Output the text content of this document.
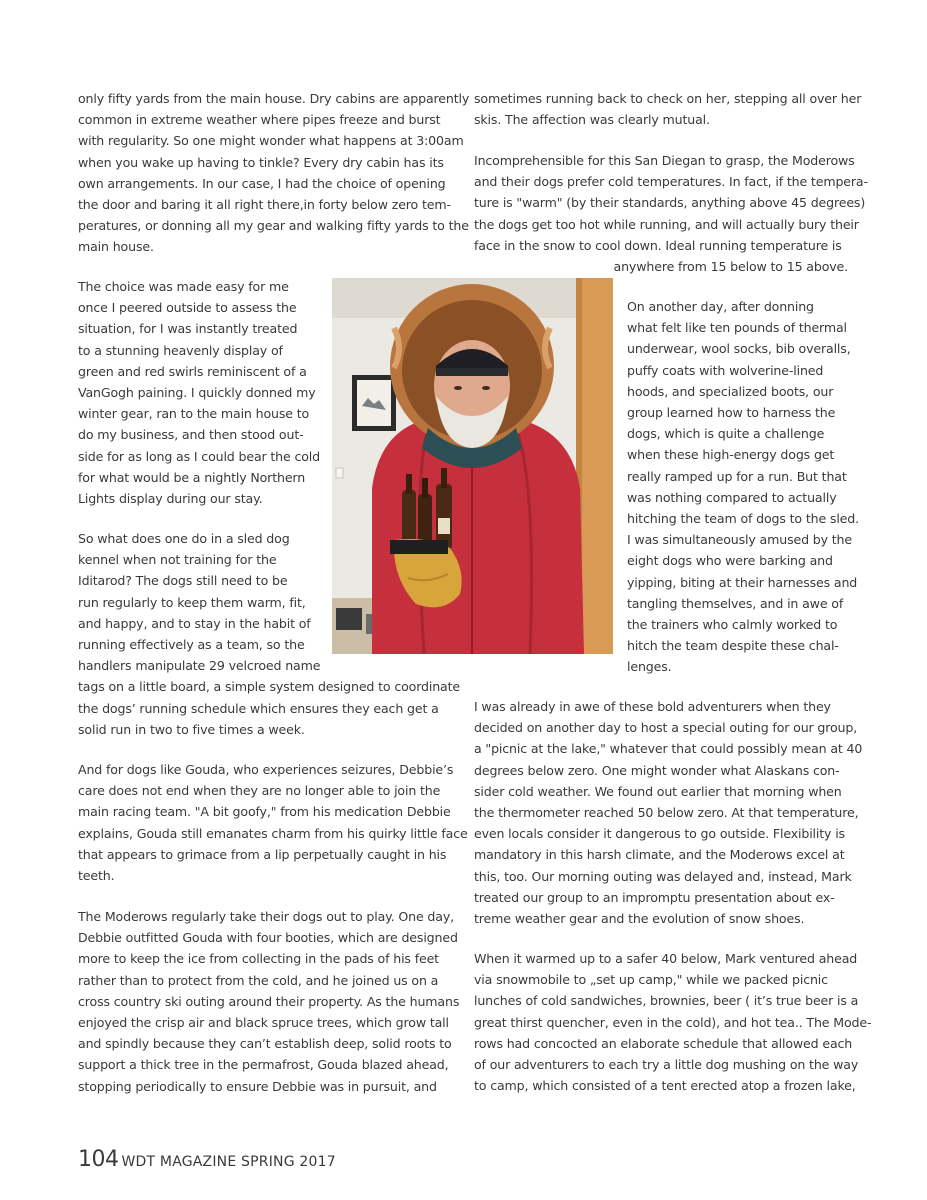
only fifty yards from the main house. Dry cabins are apparently
common in extreme weather where pipes freeze and burst
with regularity. So one might wonder what happens at 3:00am
when you wake up having to tinkle? Every dry cabin has its
own arrangements. In our case, I had the choice of opening
the door and baring it all right there,in forty below zero tem-
peratures, or donning all my gear and walking fifty yards to the
main house.
The choice was made easy for me
once I peered outside to assess the
situation, for I was instantly treated
to a stunning heavenly display of
green and red swirls reminiscent of a
VanGogh paining. I quickly donned my
winter gear, ran to the main house to
do my business, and then stood out-
side for as long as I could bear the cold
for what would be a nightly Northern
Lights display during our stay.
So what does one do in a sled dog
kennel when not training for the
Iditarod? The dogs still need to be
run regularly to keep them warm, fit,
and happy, and to stay in the habit of
running effectively as a team, so the
handlers manipulate 29 velcroed name
tags on a little board, a simple system designed to coordinate
the dogs’ running schedule which ensures they each get a
solid run in two to five times a week.
And for dogs like Gouda, who experiences seizures, Debbie’s
care does not end when they are no longer able to join the
main racing team. "A bit goofy," from his medication Debbie
explains, Gouda still emanates charm from his quirky little face
that appears to grimace from a lip perpetually caught in his
teeth.
The Moderows regularly take their dogs out to play. One day,
Debbie outfitted Gouda with four booties, which are designed
more to keep the ice from collecting in the pads of his feet
rather than to protect from the cold, and he joined us on a
cross country ski outing around their property. As the humans
enjoyed the crisp air and black spruce trees, which grow tall
and spindly because they can’t establish deep, solid roots to
support a thick tree in the permafrost, Gouda blazed ahead,
stopping periodically to ensure Debbie was in pursuit, and
sometimes running back to check on her, stepping all over her
skis. The affection was clearly mutual.
Incomprehensible for this San Diegan to grasp, the Moderows
and their dogs prefer cold temperatures. In fact, if the tempera-
ture is "warm" (by their standards, anything above 45 degrees)
the dogs get too hot while running, and will actually bury their
face in the snow to cool down. Ideal running temperature is
anywhere from 15 below to 15 above.
On another day, after donning
what felt like ten pounds of thermal
underwear, wool socks, bib overalls,
puffy coats with wolverine-lined
hoods, and specialized boots, our
group learned how to harness the
dogs, which is quite a challenge
when these high-energy dogs get
really ramped up for a run. But that
was nothing compared to actually
hitching the team of dogs to the sled.
I was simultaneously amused by the
eight dogs who were barking and
yipping, biting at their harnesses and
tangling themselves, and in awe of
the trainers who calmly worked to
hitch the team despite these chal-
lenges.
I was already in awe of these bold adventurers when they
decided on another day to host a special outing for our group,
a "picnic at the lake," whatever that could possibly mean at 40
degrees below zero. One might wonder what Alaskans con-
sider cold weather. We found out earlier that morning when
the thermometer reached 50 below zero. At that temperature,
even locals consider it dangerous to go outside. Flexibility is
mandatory in this harsh climate, and the Moderows excel at
this, too. Our morning outing was delayed and, instead, Mark
treated our group to an impromptu presentation about ex-
treme weather gear and the evolution of snow shoes.
When it warmed up to a safer 40 below, Mark ventured ahead
via snowmobile to „set up camp," while we packed picnic
lunches of cold sandwiches, brownies, beer ( it’s true beer is a
great thirst quencher, even in the cold), and hot tea.. The Mode-
rows had concocted an elaborate schedule that allowed each
of our adventurers to each try a little dog mushing on the way
to camp, which consisted of a tent erected atop a frozen lake,
104 WDT MAGAZINE SPRING 2017
